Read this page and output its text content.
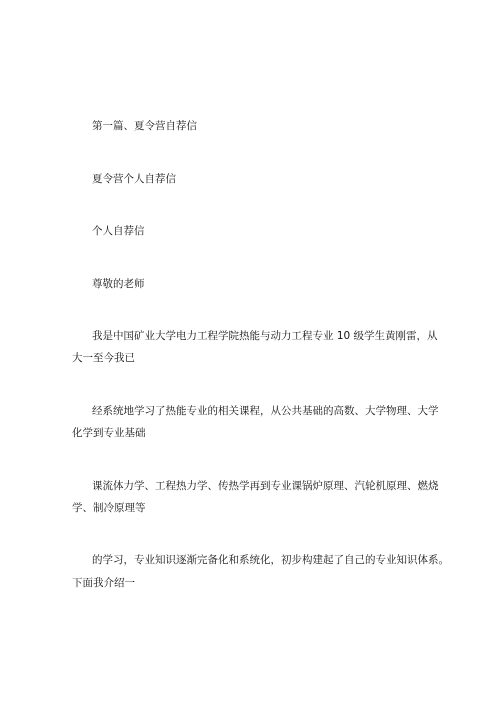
第一篇、夏令营自荐信
夏令营个人自荐信
个人自荐信
尊敬的老师
我是中国矿业大学电力工程学院热能与动力工程专业 10 级学生黄刚雷，从
大一至今我已
经系统地学习了热能专业的相关课程，从公共基础的高数、大学物理、大学
化学到专业基础
课流体力学、工程热力学、传热学再到专业课锅炉原理、汽轮机原理、燃烧
学、制冷原理等
的学习，专业知识逐渐完备化和系统化，初步构建起了自己的专业知识体系。
下面我介绍一
